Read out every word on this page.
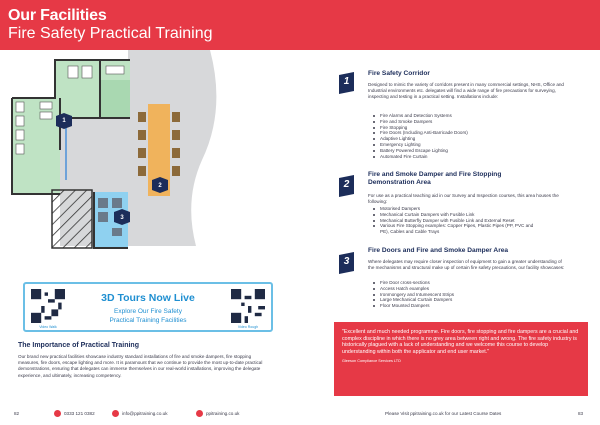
Our Facilities
Fire Safety Practical Training
1
2
3
Video Walk
3D Tours Now Live
Explore Our Fire Safety
Practical Training Facilities
Video Rough
The Importance of Practical Training
Our brand new practical facilities showcase industry standard installations of fire and smoke dampers, fire stopping measures, fire doors, escape lighting and more. It is paramount that we continue to provide the most up-to-date practical demonstrations, ensuring that delegates can immerse themselves in our real-world installations, improving the delegate experience, and ultimately, increasing competency.
1
Fire Safety Corridor
Designed to mimic the variety of corridors present in many commercial settings, NHS, Office and Industrial environments etc. delegates will find a wide range of fire precautions for surveying, inspecting and testing in a practical setting. Installations include:
Fire Alarms and Detection Systems
Fire and Smoke Dampers
Fire Stopping
Fire Doors (Including Anti-Barricade Doors)
Adaptive Lighting
Emergency Lighting
Battery Powered Escape Lighting
Automated Fire Curtain
2
Fire and Smoke Damper and Fire Stopping Demonstration Area
For use as a practical teaching aid in our Survey and Inspection courses, this area houses the following:
Motorised Dampers
Mechanical Curtain Dampers with Fusible Link
Mechanical Butterfly Damper with Fusible Link and External Reset
Various Fire Stopping examples: Copper Pipes, Plastic Pipes (PP, PVC and PE), Cables and Cable Trays
3
Fire Doors and Fire and Smoke Damper Area
Where delegates may require closer inspection of equipment to gain a greater understanding of the mechanisms and structural make up of certain fire safety precautions, our facility showcases:
Fire Door cross-sections
Access Hatch examples
Ironmongery and Intumescent Strips
Large Mechanical Curtain Dampers
Floor Mounted Dampers
"Excellent and much needed programme. Fire doors, fire stopping and fire dampers are a crucial and complex discipline in which there is no grey area between right and wrong. The fire safety industry is historically plagued with a lack of understanding and we welcome this course to develop understanding within both the applicator and end user market."
Gleeson Compliance Services LTD
82	0333 121 0382	info@ppitraining.co.uk	ppitraining.co.uk	Please Visit ppitraining.co.uk for our Latest Course Dates	83
